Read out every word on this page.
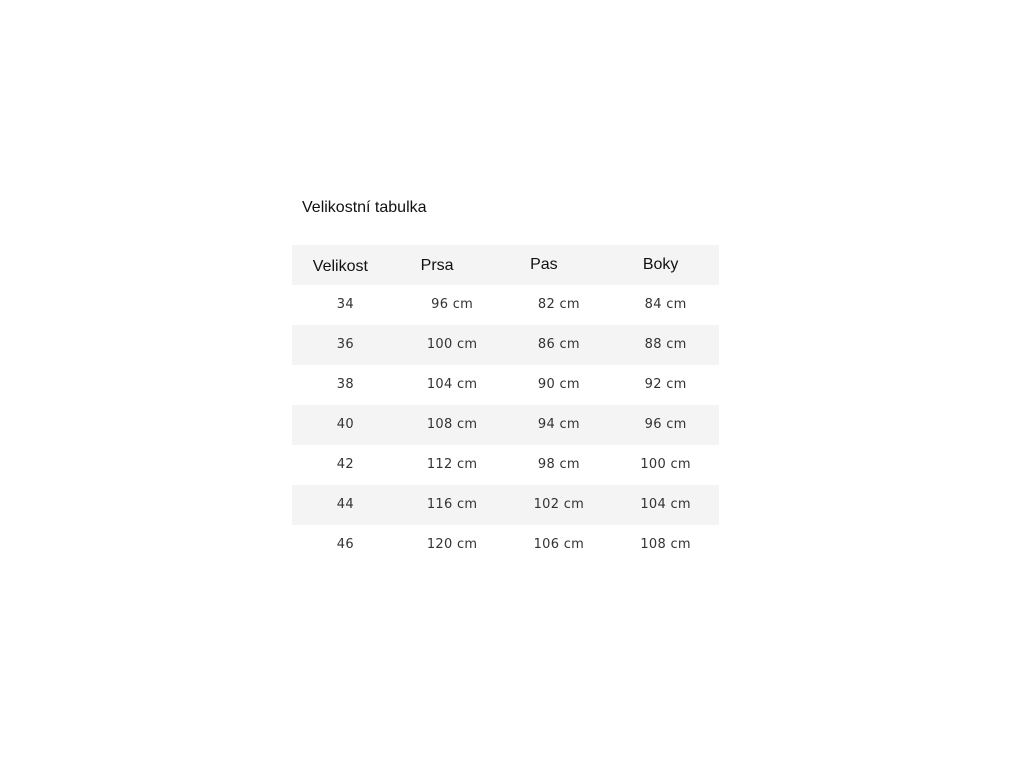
Velikostní tabulka
Velikost	Prsa	Pas	Boky
34	96 cm	82 cm	84 cm
36	100 cm	86 cm	88 cm
38	104 cm	90 cm	92 cm
40	108 cm	94 cm	96 cm
42	112 cm	98 cm	100 cm
44	116 cm	102 cm	104 cm
46	120 cm	106 cm	108 cm
